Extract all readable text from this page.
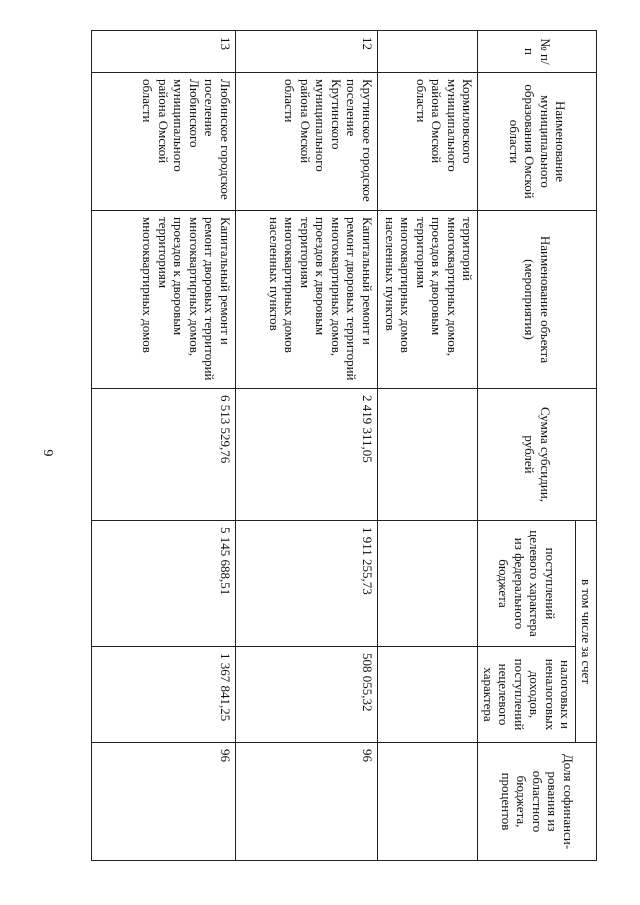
6
№ п/п	Наименование муниципального образования Омской области	Наименование объекта (мероприятия)	Сумма субсидии, рублей	в том числе за счет		Доля софинанси-рования из областного бюджета, процентов
				поступлений целевого характера из федерального бюджета	налоговых и неналоговых доходов, поступлений нецелевого характера	
	Кормиловского муниципального района Омской области	территорий многоквартирных домов, проездов к дворовым территориям многоквартирных домов населенных пунктов				
12	Крутинское городское поселение Крутинского муниципального района Омской области	Капитальный ремонт и ремонт дворовых территорий многоквартирных домов, проездов к дворовым территориям многоквартирных домов населенных пунктов	2 419 311,05	1 911 255,73	508 055,32	96
13	Любинское городское поселение Любинского муниципального района Омской области	Капитальный ремонт и ремонт дворовых территорий многоквартирных домов, проездов к дворовым территориям многоквартирных домов	6 513 529,76	5 145 688,51	1 367 841,25	96
